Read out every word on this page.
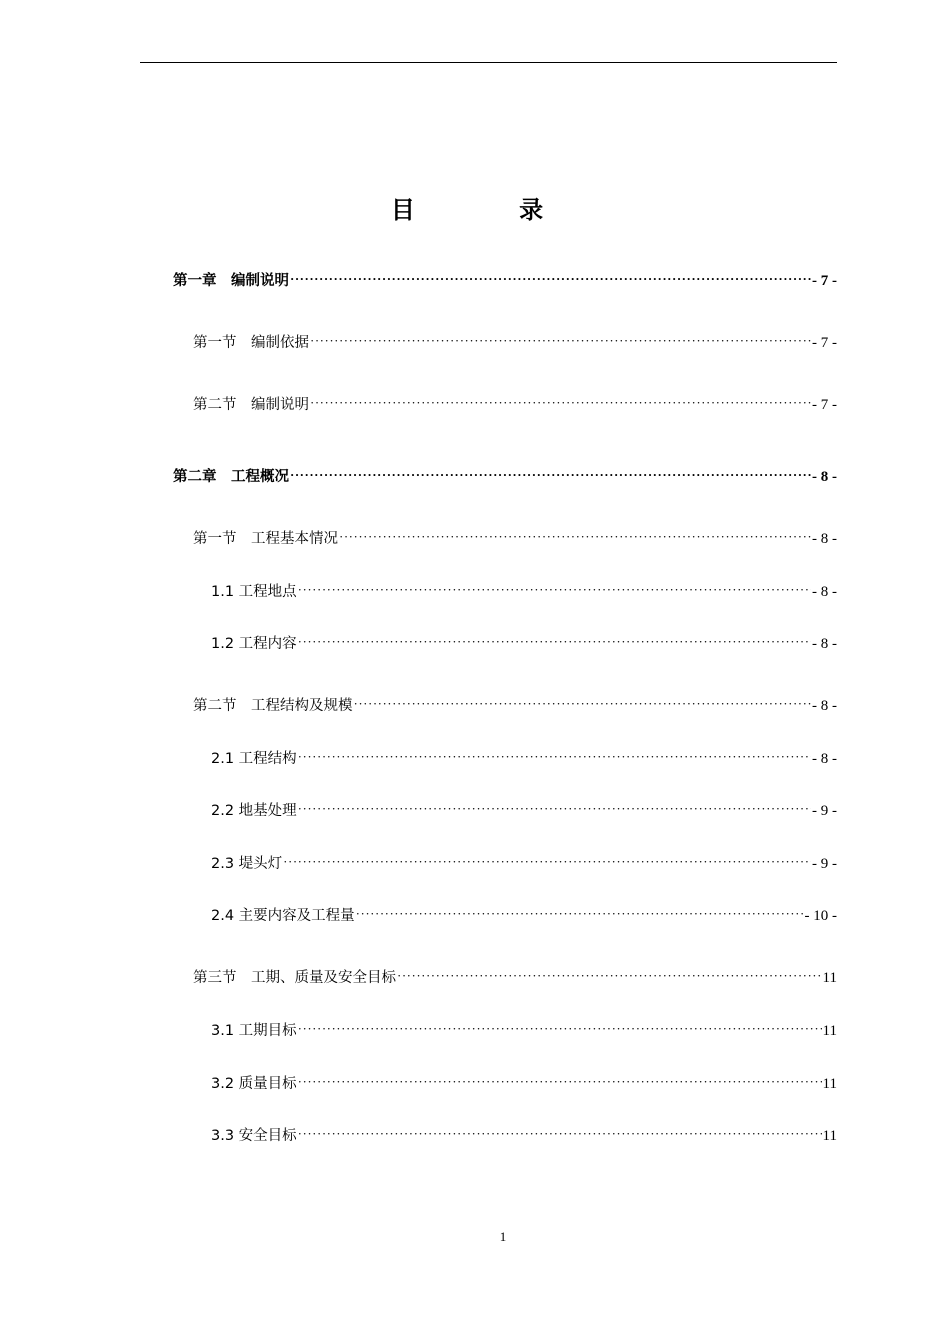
目 录
第一章　编制说明 ·····	- 7 -
第一节　编制依据 ·····	- 7 -
第二节　编制说明 ·····	- 7 -
第二章　工程概况 ·····	- 8 -
第一节　工程基本情况 ·····	- 8 -
1.1 工程地点 ·····	- 8 -
1.2 工程内容 ·····	- 8 -
第二节　工程结构及规模 ·····	- 8 -
2.1 工程结构 ·····	- 8 -
2.2 地基处理 ·····	- 9 -
2.3 堤头灯 ·····	- 9 -
2.4 主要内容及工程量 ·····	- 10 -
第三节　工期、质量及安全目标 ·····	11
3.1 工期目标 ·····	11
3.2 质量目标 ·····	11
3.3 安全目标 ·····	11
1
